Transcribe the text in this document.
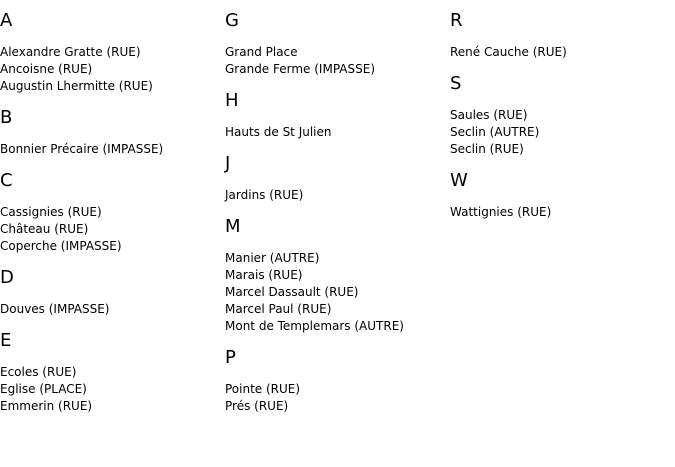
A
Alexandre Gratte (RUE)
Ancoisne (RUE)
Augustin Lhermitte (RUE)
B
Bonnier Précaire (IMPASSE)
C
Cassignies (RUE)
Château (RUE)
Coperche (IMPASSE)
D
Douves (IMPASSE)
E
Ecoles (RUE)
Eglise (PLACE)
Emmerin (RUE)
G
Grand Place
Grande Ferme (IMPASSE)
H
Hauts de St Julien
J
Jardins (RUE)
M
Manier (AUTRE)
Marais (RUE)
Marcel Dassault (RUE)
Marcel Paul (RUE)
Mont de Templemars (AUTRE)
P
Pointe (RUE)
Prés (RUE)
R
René Cauche (RUE)
S
Saules (RUE)
Seclin (AUTRE)
Seclin (RUE)
W
Wattignies (RUE)
